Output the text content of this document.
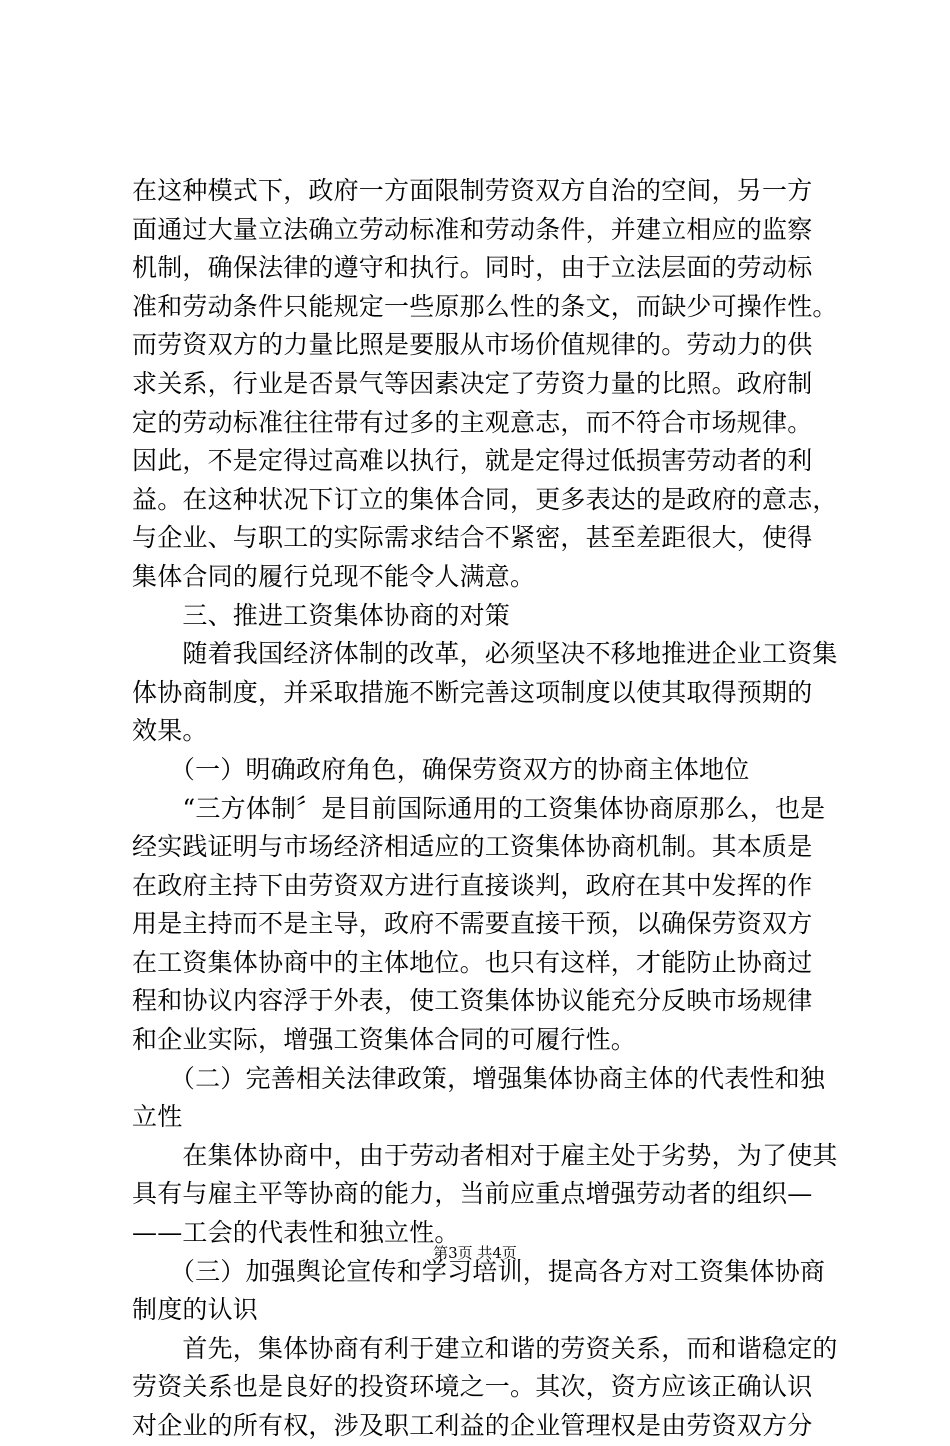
在这种模式下，政府一方面限制劳资双方自治的空间，另一方
面通过大量立法确立劳动标准和劳动条件，并建立相应的监察
机制，确保法律的遵守和执行。同时，由于立法层面的劳动标
准和劳动条件只能规定一些原那么性的条文，而缺少可操作性。
而劳资双方的力量比照是要服从市场价值规律的。劳动力的供
求关系，行业是否景气等因素决定了劳资力量的比照。政府制
定的劳动标准往往带有过多的主观意志，而不符合市场规律。
因此，不是定得过高难以执行，就是定得过低损害劳动者的利
益。在这种状况下订立的集体合同，更多表达的是政府的意志，
与企业、与职工的实际需求结合不紧密，甚至差距很大，使得
集体合同的履行兑现不能令人满意。
　　三、推进工资集体协商的对策
　　随着我国经济体制的改革，必须坚决不移地推进企业工资集
体协商制度，并采取措施不断完善这项制度以使其取得预期的
效果。
　　（一）明确政府角色，确保劳资双方的协商主体地位
　　“三方体制〞是目前国际通用的工资集体协商原那么，也是
经实践证明与市场经济相适应的工资集体协商机制。其本质是
在政府主持下由劳资双方进行直接谈判，政府在其中发挥的作
用是主持而不是主导，政府不需要直接干预，以确保劳资双方
在工资集体协商中的主体地位。也只有这样，才能防止协商过
程和协议内容浮于外表，使工资集体协议能充分反映市场规律
和企业实际，增强工资集体合同的可履行性。
　　（二）完善相关法律政策，增强集体协商主体的代表性和独
立性
　　在集体协商中，由于劳动者相对于雇主处于劣势，为了使其
具有与雇主平等协商的能力，当前应重点增强劳动者的组织—
——工会的代表性和独立性。
　　（三）加强舆论宣传和学习培训，提高各方对工资集体协商
制度的认识
　　首先，集体协商有利于建立和谐的劳资关系，而和谐稳定的
劳资关系也是良好的投资环境之一。其次，资方应该正确认识
对企业的所有权，涉及职工利益的企业管理权是由劳资双方分
第3页 共4页
